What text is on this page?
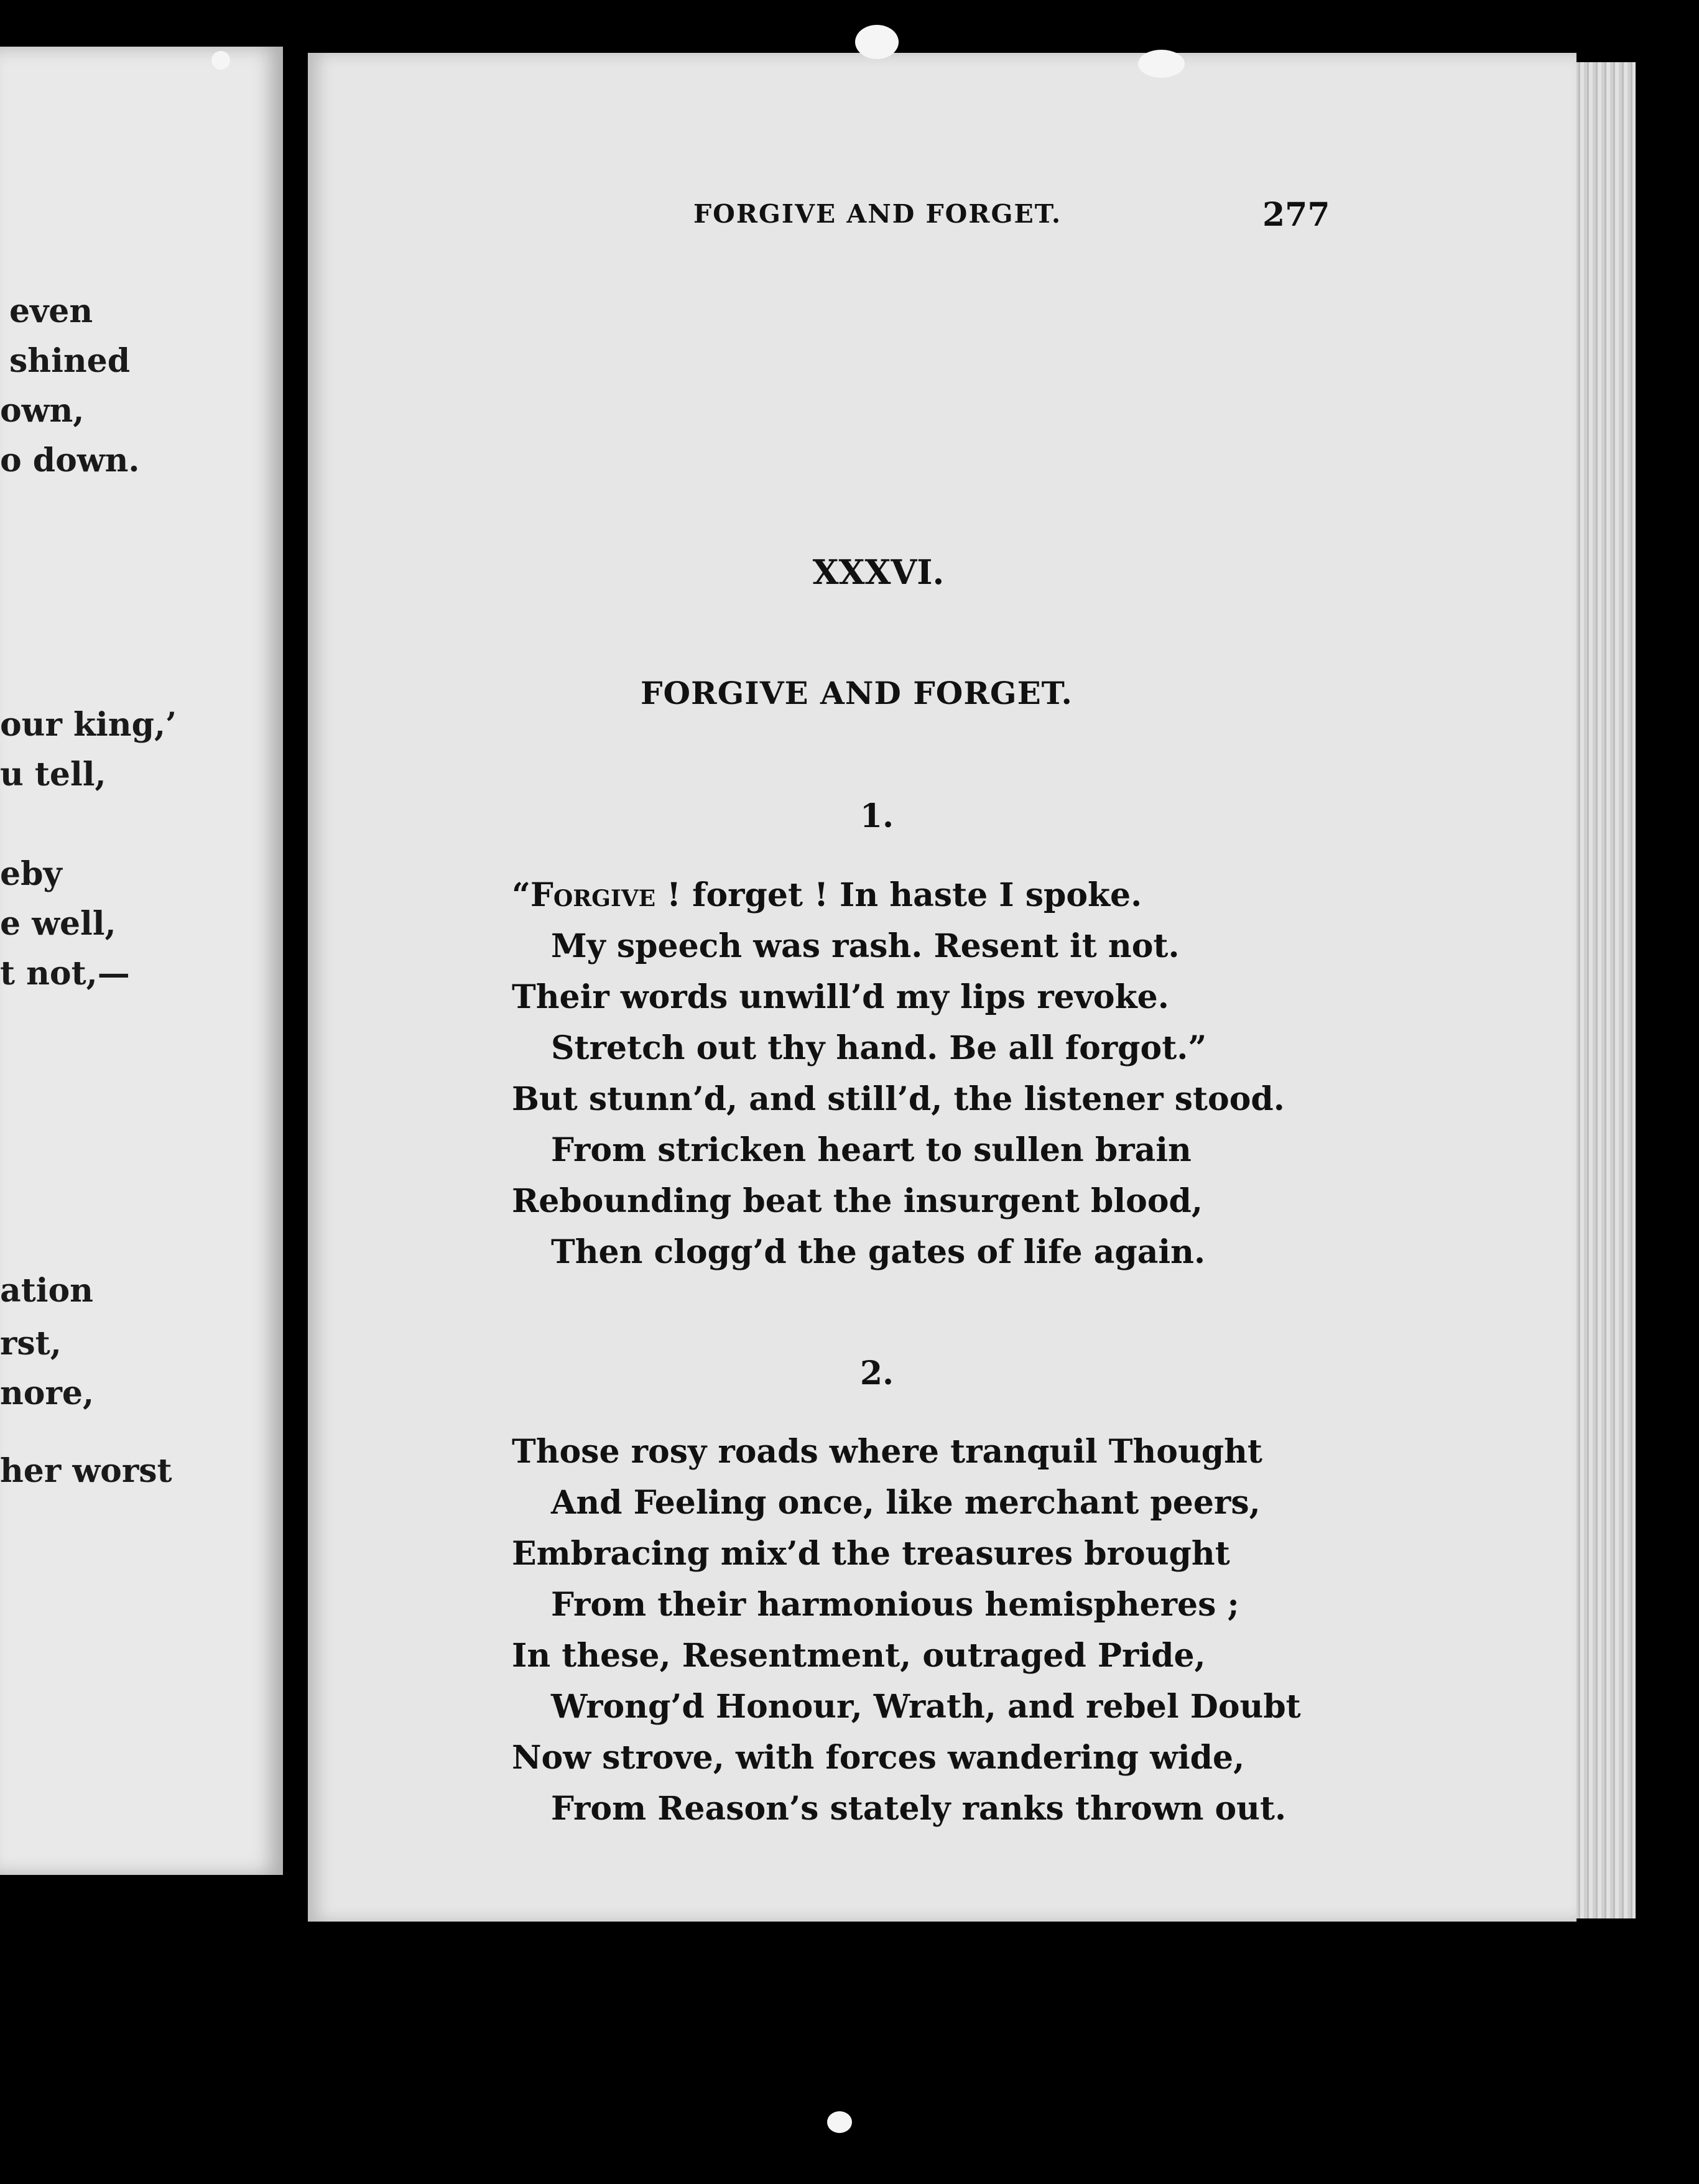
even
shined
own,
o down.
our king,’
u tell,
eby
e well,
t not,—
ation
rst,
nore,
her worst
FORGIVE AND FORGET.	277
XXXVI.
FORGIVE AND FORGET.
1.
“Forgive ! forget ! In haste I spoke.
My speech was rash. Resent it not.
Their words unwill’d my lips revoke.
Stretch out thy hand. Be all forgot.”
But stunn’d, and still’d, the listener stood.
From stricken heart to sullen brain
Rebounding beat the insurgent blood,
Then clogg’d the gates of life again.
2.
Those rosy roads where tranquil Thought
And Feeling once, like merchant peers,
Embracing mix’d the treasures brought
From their harmonious hemispheres ;
In these, Resentment, outraged Pride,
Wrong’d Honour, Wrath, and rebel Doubt
Now strove, with forces wandering wide,
From Reason’s stately ranks thrown out.
